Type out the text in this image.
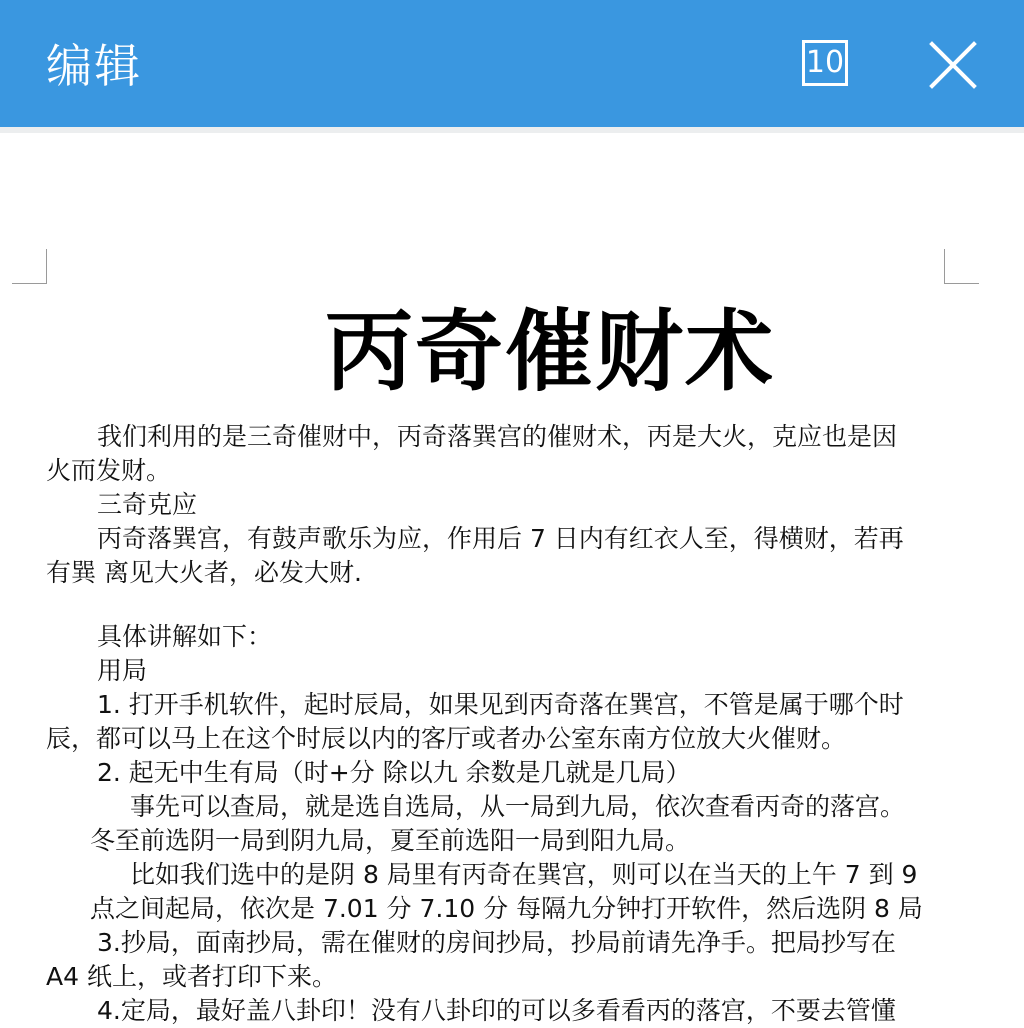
编辑	10
丙奇催财术
我们利用的是三奇催财中，丙奇落巽宫的催财术，丙是大火，克应也是因
火而发财。
三奇克应
丙奇落巽宫，有鼓声歌乐为应，作用后 7 日内有红衣人至，得横财，若再
有巽 离见大火者，必发大财.
具体讲解如下：
用局
1. 打开手机软件，起时辰局，如果见到丙奇落在巽宫，不管是属于哪个时
辰，都可以马上在这个时辰以内的客厅或者办公室东南方位放大火催财。
2. 起无中生有局（时+分 除以九 余数是几就是几局）
事先可以查局，就是选自选局，从一局到九局，依次查看丙奇的落宫。
冬至前选阴一局到阴九局，夏至前选阳一局到阳九局。
比如我们选中的是阴 8 局里有丙奇在巽宫，则可以在当天的上午 7 到 9
点之间起局，依次是 7.01 分 7.10 分 每隔九分钟打开软件，然后选阴 8 局
3.抄局，面南抄局，需在催财的房间抄局，抄局前请先净手。把局抄写在
A4 纸上，或者打印下来。
4.定局，最好盖八卦印！没有八卦印的可以多看看丙的落宫，不要去管懂
